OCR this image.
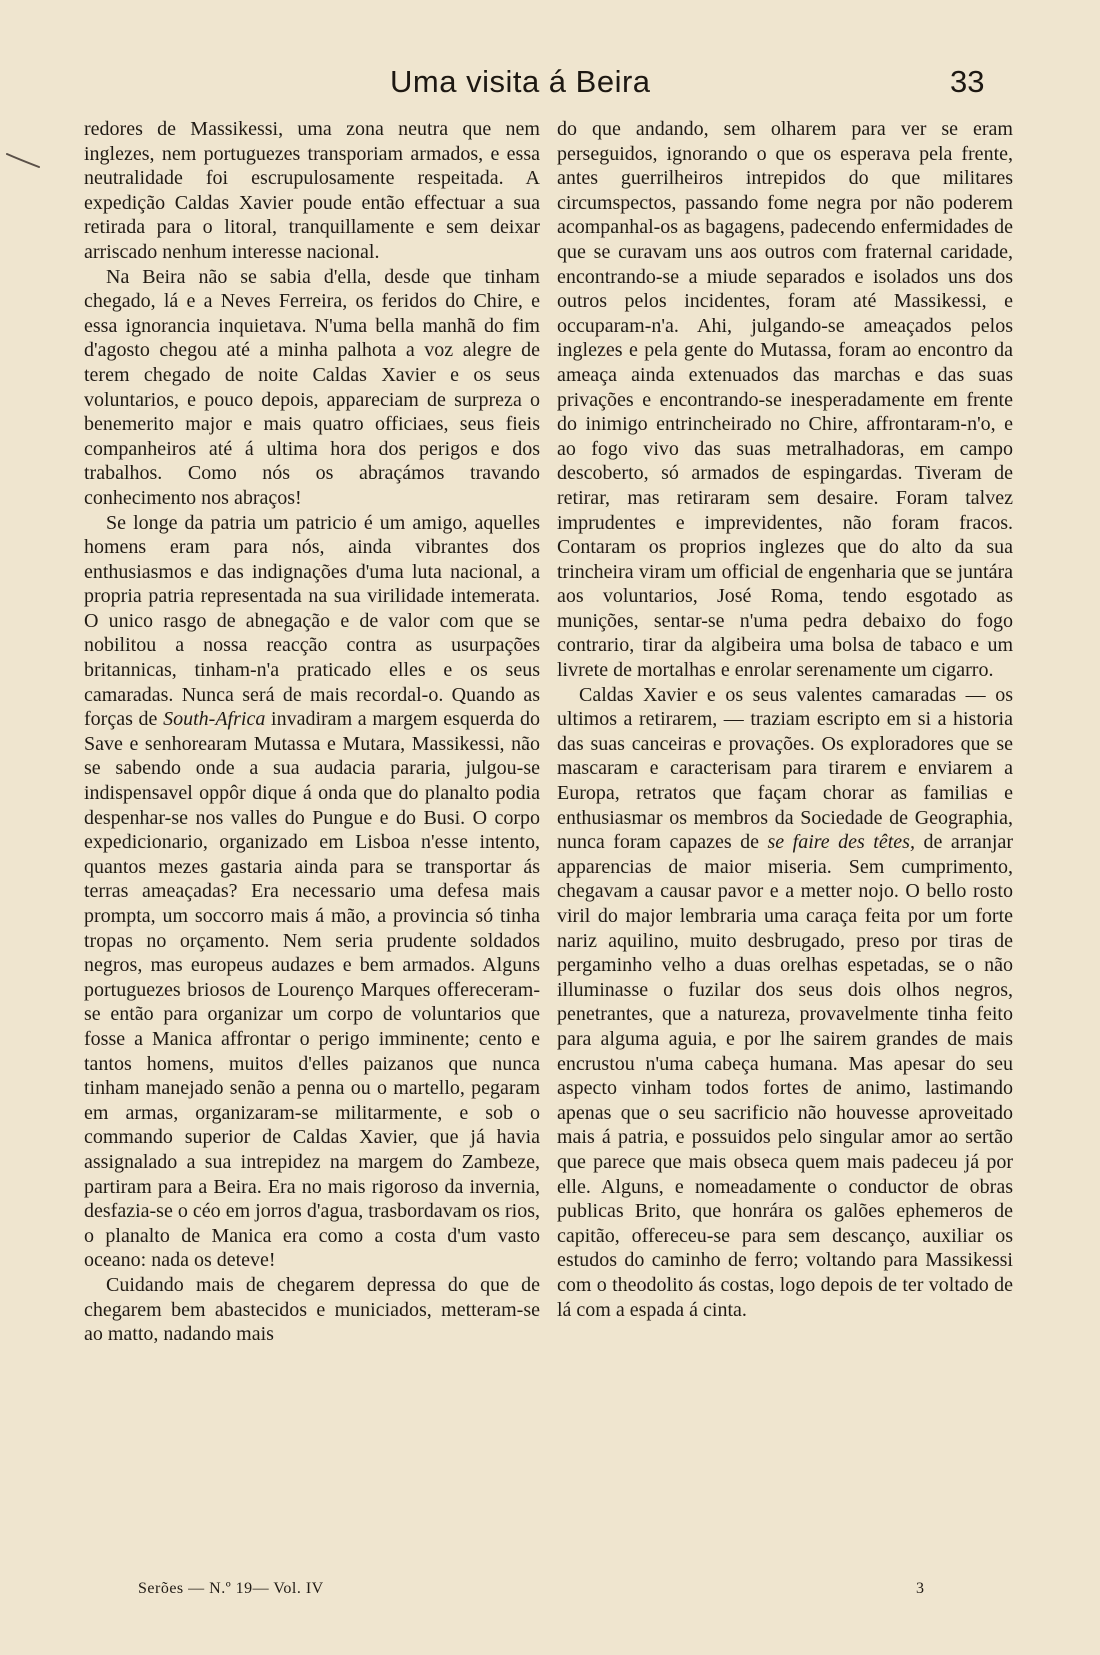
Uma visita á Beira	33

redores de Massikessi, uma zona neutra que nem inglezes, nem portuguezes transporiam armados, e essa neutralidade foi escrupulosamente respeitada. A expedição Caldas Xavier poude então effectuar a sua retirada para o litoral, tranquillamente e sem deixar arriscado nenhum interesse nacional.

Na Beira não se sabia d'ella, desde que tinham chegado, lá e a Neves Ferreira, os feridos do Chire, e essa ignorancia inquietava. N'uma bella manhã do fim d'agosto chegou até a minha palhota a voz alegre de terem chegado de noite Caldas Xavier e os seus voluntarios, e pouco depois, appareciam de surpreza o benemerito major e mais quatro officiaes, seus fieis companheiros até á ultima hora dos perigos e dos trabalhos. Como nós os abraçámos travando conhecimento nos abraços!

Se longe da patria um patricio é um amigo, aquelles homens eram para nós, ainda vibrantes dos enthusiasmos e das indignações d'uma luta nacional, a propria patria representada na sua virilidade intemerata. O unico rasgo de abnegação e de valor com que se nobilitou a nossa reacção contra as usurpações britannicas, tinham-n'a praticado elles e os seus camaradas. Nunca será de mais recordal-o. Quando as forças de South-Africa invadiram a margem esquerda do Save e senhorearam Mutassa e Mutara, Massikessi, não se sabendo onde a sua audacia pararia, julgou-se indispensavel oppôr dique á onda que do planalto podia despenhar-se nos valles do Pungue e do Busi. O corpo expedicionario, organizado em Lisboa n'esse intento, quantos mezes gastaria ainda para se transportar ás terras ameaçadas? Era necessario uma defesa mais prompta, um soccorro mais á mão, a provincia só tinha tropas no orçamento. Nem seria prudente soldados negros, mas europeus audazes e bem armados. Alguns portuguezes briosos de Lourenço Marques offereceram-se então para organizar um corpo de voluntarios que fosse a Manica affrontar o perigo imminente; cento e tantos homens, muitos d'elles paizanos que nunca tinham manejado senão a penna ou o martello, pegaram em armas, organizaram-se militarmente, e sob o commando superior de Caldas Xavier, que já havia assignalado a sua intrepidez na margem do Zambeze, partiram para a Beira. Era no mais rigoroso da invernia, desfazia-se o céo em jorros d'agua, trasbordavam os rios, o planalto de Manica era como a costa d'um vasto oceano: nada os deteve!

Cuidando mais de chegarem depressa do que de chegarem bem abastecidos e municiados, metteram-se ao matto, nadando mais

do que andando, sem olharem para ver se eram perseguidos, ignorando o que os esperava pela frente, antes guerrilheiros intrepidos do que militares circumspectos, passando fome negra por não poderem acompanhal-os as bagagens, padecendo enfermidades de que se curavam uns aos outros com fraternal caridade, encontrando-se a miude separados e isolados uns dos outros pelos incidentes, foram até Massikessi, e occuparam-n'a. Ahi, julgando-se ameaçados pelos inglezes e pela gente do Mutassa, foram ao encontro da ameaça ainda extenuados das marchas e das suas privações e encontrando-se inesperadamente em frente do inimigo entrincheirado no Chire, affrontaram-n'o, e ao fogo vivo das suas metralhadoras, em campo descoberto, só armados de espingardas. Tiveram de retirar, mas retiraram sem desaire. Foram talvez imprudentes e imprevidentes, não foram fracos. Contaram os proprios inglezes que do alto da sua trincheira viram um official de engenharia que se juntára aos voluntarios, José Roma, tendo esgotado as munições, sentar-se n'uma pedra debaixo do fogo contrario, tirar da algibeira uma bolsa de tabaco e um livrete de mortalhas e enrolar serenamente um cigarro.

Caldas Xavier e os seus valentes camaradas — os ultimos a retirarem, — traziam escripto em si a historia das suas canceiras e provações. Os exploradores que se mascaram e caracterisam para tirarem e enviarem a Europa, retratos que façam chorar as familias e enthusiasmar os membros da Sociedade de Geographia, nunca foram capazes de se faire des têtes, de arranjar apparencias de maior miseria. Sem cumprimento, chegavam a causar pavor e a metter nojo. O bello rosto viril do major lembraria uma caraça feita por um forte nariz aquilino, muito desbrugado, preso por tiras de pergaminho velho a duas orelhas espetadas, se o não illuminasse o fuzilar dos seus dois olhos negros, penetrantes, que a natureza, provavelmente tinha feito para alguma aguia, e por lhe sairem grandes de mais encrustou n'uma cabeça humana. Mas apesar do seu aspecto vinham todos fortes de animo, lastimando apenas que o seu sacrificio não houvesse aproveitado mais á patria, e possuidos pelo singular amor ao sertão que parece que mais obseca quem mais padeceu já por elle. Alguns, e nomeadamente o conductor de obras publicas Brito, que honrára os galões ephemeros de capitão, offereceu-se para sem descanço, auxiliar os estudos do caminho de ferro; voltando para Massikessi com o theodolito ás costas, logo depois de ter voltado de lá com a espada á cinta.

Serões — N.º 19— Vol. IV	3
